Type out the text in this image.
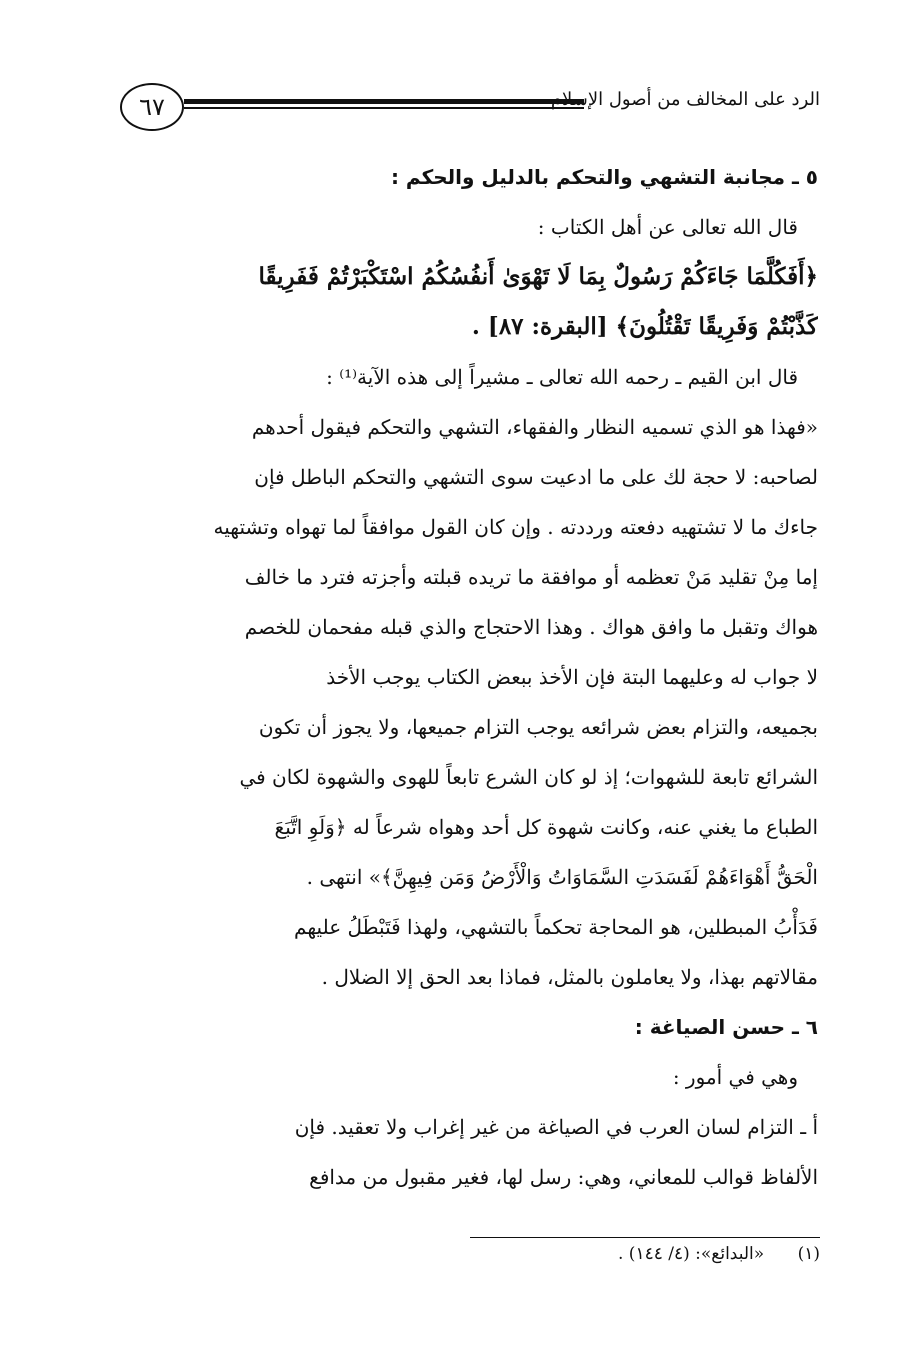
٦٧	الرد على المخالف من أصول الإسلام
٥ ـ مجانبة التشهي والتحكم بالدليل والحكم :
قال الله تعالى عن أهل الكتاب :
﴿أَفَكُلَّمَا جَاءَكُمْ رَسُولٌ بِمَا لَا تَهْوَىٰ أَنفُسُكُمُ اسْتَكْبَرْتُمْ فَفَرِيقًا
كَذَّبْتُمْ وَفَرِيقًا تَقْتُلُونَ﴾ [البقرة: ٨٧] .
قال ابن القيم ـ رحمه الله تعالى ـ مشيراً إلى هذه الآية⁽¹⁾ :
«فهذا هو الذي تسميه النظار والفقهاء، التشهي والتحكم فيقول أحدهم
لصاحبه: لا حجة لك على ما ادعيت سوى التشهي والتحكم الباطل فإن
جاءك ما لا تشتهيه دفعته ورددته . وإن كان القول موافقاً لما تهواه وتشتهيه
إما مِنْ تقليد مَنْ تعظمه أو موافقة ما تريده قبلته وأجزته فترد ما خالف
هواك وتقبل ما وافق هواك . وهذا الاحتجاج والذي قبله مفحمان للخصم
لا جواب له وعليهما البتة فإن الأخذ ببعض الكتاب يوجب الأخذ
بجميعه، والتزام بعض شرائعه يوجب التزام جميعها، ولا يجوز أن تكون
الشرائع تابعة للشهوات؛ إذ لو كان الشرع تابعاً للهوى والشهوة لكان في
الطباع ما يغني عنه، وكانت شهوة كل أحد وهواه شرعاً له ﴿وَلَوِ اتَّبَعَ
الْحَقُّ أَهْوَاءَهُمْ لَفَسَدَتِ السَّمَاوَاتُ وَالْأَرْضُ وَمَن فِيهِنَّ﴾» انتهى .
فَدَأْبُ المبطلين، هو المحاجة تحكماً بالتشهي، ولهذا فَتَبْطَلُ عليهم
مقالاتهم بهذا، ولا يعاملون بالمثل، فماذا بعد الحق إلا الضلال .
٦ ـ حسن الصياغة :
وهي في أمور :
أ ـ التزام لسان العرب في الصياغة من غير إغراب ولا تعقيد. فإن
الألفاظ قوالب للمعاني، وهي: رسل لها، فغير مقبول من مدافع
(١) «البدائع»: (٤/ ١٤٤) .
